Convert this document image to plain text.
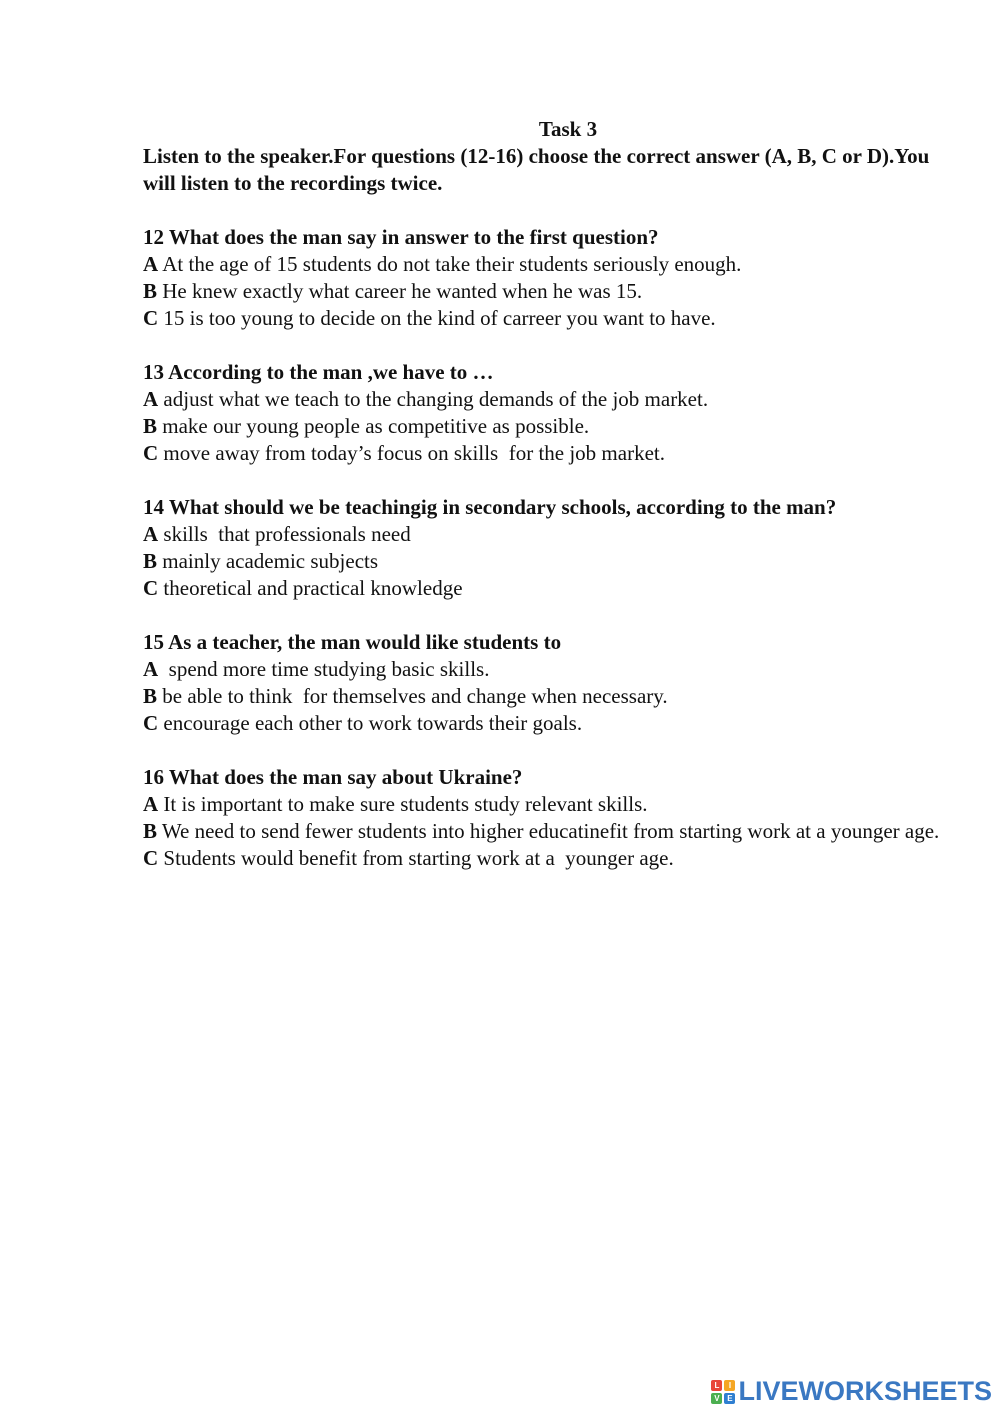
Task 3
Listen to the speaker.For questions (12-16) choose the correct answer (A, B, C or D).You will listen to the recordings twice.
12 What does the man say in answer to the first question?
A At the age of 15 students do not take their students seriously enough.
B He knew exactly what career he wanted when he was 15.
C 15 is too young to decide on the kind of carreer you want to have.
13 According to the man ,we have to …
A adjust what we teach to the changing demands of the job market.
B make our young people as competitive as possible.
C move away from today’s focus on skills  for the job market.
14 What should we be teachingig in secondary schools, according to the man?
A skills  that professionals need
B mainly academic subjects
C theoretical and practical knowledge
15 As a teacher, the man would like students to
A  spend more time studying basic skills.
B be able to think  for themselves and change when necessary.
C encourage each other to work towards their goals.
16 What does the man say about Ukraine?
A It is important to make sure students study relevant skills.
B We need to send fewer students into higher educatinefit from starting work at a younger age.
C Students would benefit from starting work at a  younger age.
L	I
V E LIVEWORKSHEETS
